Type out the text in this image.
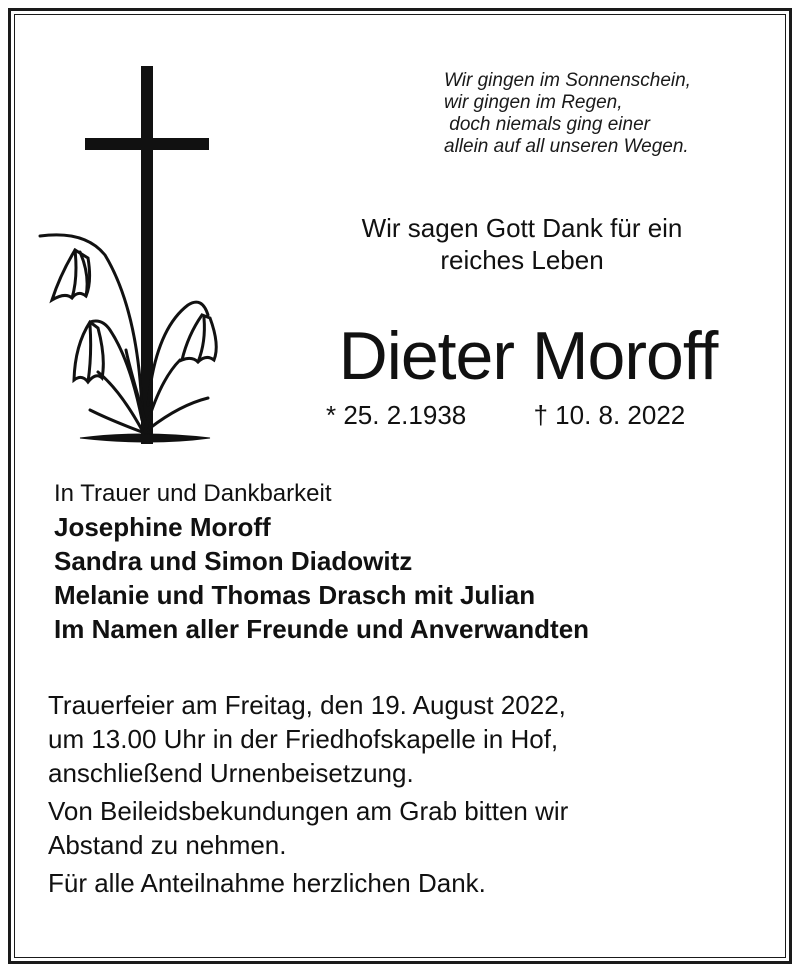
Wir gingen im Sonnenschein,
wir gingen im Regen,
doch niemals ging einer
allein auf all unseren Wegen.
Wir sagen Gott Dank für ein
reiches Leben
Dieter Moroff
* 25. 2.1938	† 10. 8. 2022
In Trauer und Dankbarkeit
Josephine Moroff
Sandra und Simon Diadowitz
Melanie und Thomas Drasch mit Julian
Im Namen aller Freunde und Anverwandten

Trauerfeier am Freitag, den 19. August 2022,

um 13.00 Uhr in der Friedhofskapelle in Hof,

anschließend Urnenbeisetzung.

Von Beileidsbekundungen am Grab bitten wir

Abstand zu nehmen.

Für alle Anteilnahme herzlichen Dank.
